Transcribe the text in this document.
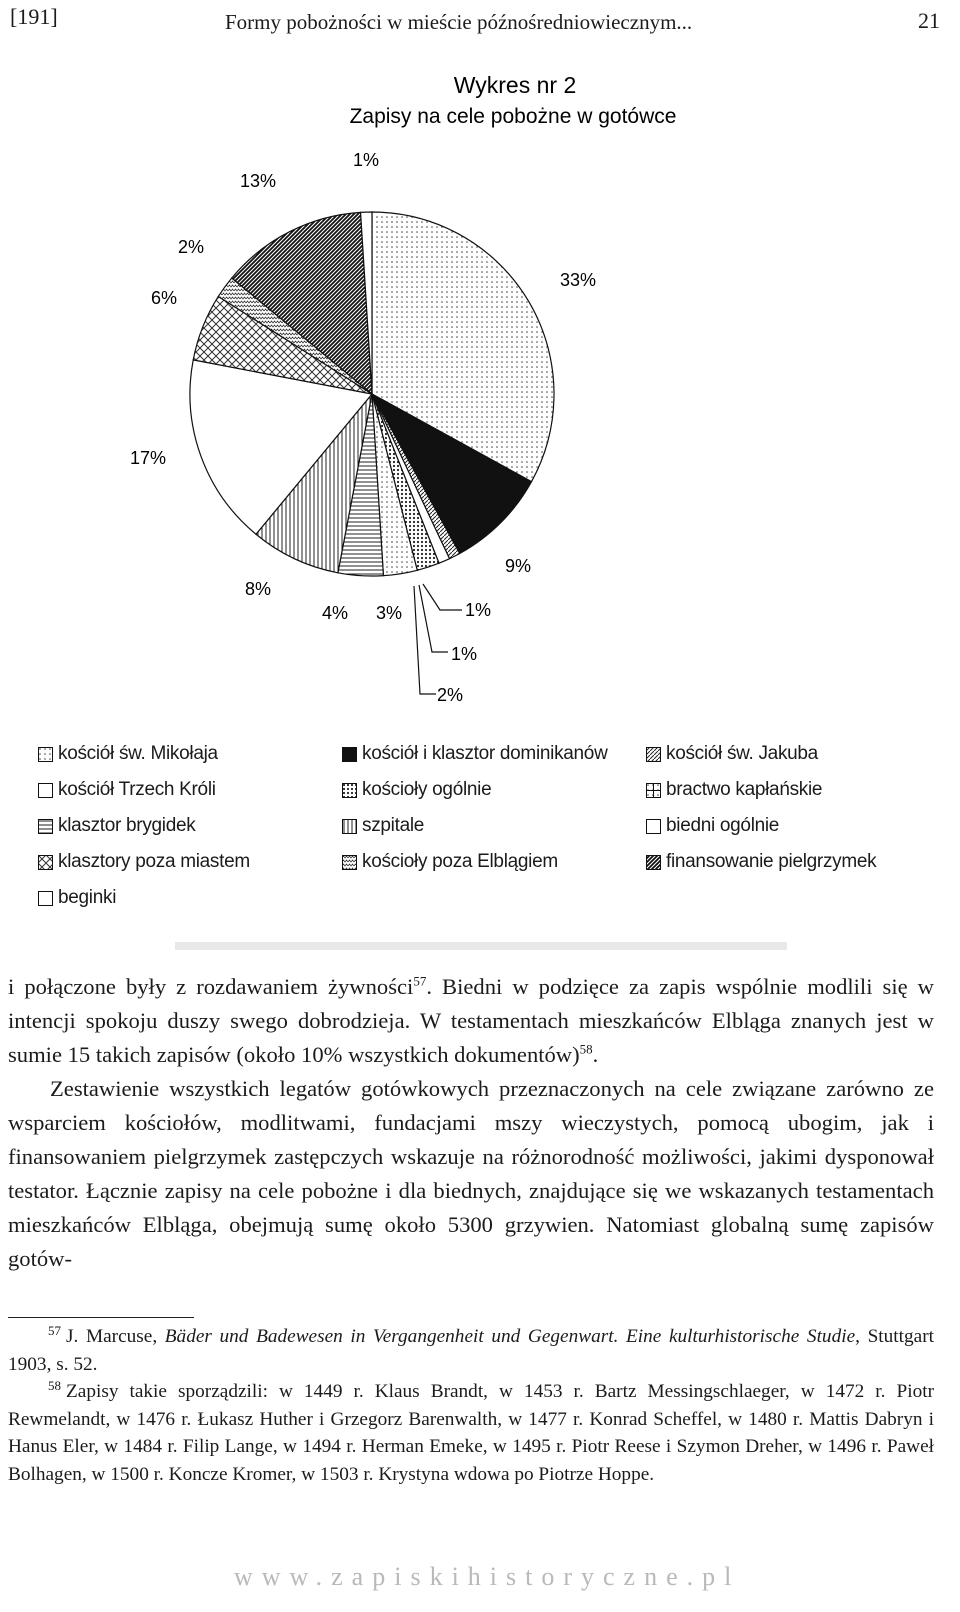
[191]	Formy pobożności w mieście późnośredniowiecznym...	21
Wykres nr 2
Zapisy na cele pobożne w gotówce
33%
9%
1%
1%
2%
3%
4%
8%
17%
6%
2%
13%
1%
kościół św. Mikołaja	kościół i klasztor dominikanów	kościół św. Jakuba
kościół Trzech Króli	kościoły ogólnie	bractwo kapłańskie
klasztor brygidek	szpitale	biedni ogólnie
klasztory poza miastem	kościoły poza Elblągiem	finansowanie pielgrzymek
beginki

i połączone były z rozdawaniem żywności$^{57}$. Biedni w podzięce za zapis wspólnie modlili się w intencji spokoju duszy swego dobrodzieja. W testamentach mieszkańców Elbląga znanych jest w sumie 15 takich zapisów (około 10% wszystkich dokumentów)$^{58}$.

Zestawienie wszystkich legatów gotówkowych przeznaczonych na cele związane zarówno ze wsparciem kościołów, modlitwami, fundacjami mszy wieczystych, pomocą ubogim, jak i finansowaniem pielgrzymek zastępczych wskazuje na różnorodność możliwości, jakimi dysponował testator. Łącznie zapisy na cele pobożne i dla biednych, znajdujące się we wskazanych testamentach mieszkańców Elbląga, obejmują sumę około 5300 grzywien. Natomiast globalną sumę zapisów gotów-

$^{57}$ J. Marcuse, Bäder und Badewesen in Vergangenheit und Gegenwart. Eine kulturhistorische Studie, Stuttgart 1903, s. 52.

$^{58}$ Zapisy takie sporządzili: w 1449 r. Klaus Brandt, w 1453 r. Bartz Messingschlaeger, w 1472 r. Piotr Rewmelandt, w 1476 r. Łukasz Huther i Grzegorz Barenwalth, w 1477 r. Konrad Scheffel, w 1480 r. Mattis Dabryn i Hanus Eler, w 1484 r. Filip Lange, w 1494 r. Herman Emeke, w 1495 r. Piotr Reese i Szymon Dreher, w 1496 r. Paweł Bolhagen, w 1500 r. Koncze Kromer, w 1503 r. Krystyna wdowa po Piotrze Hoppe.

www.zapiskihistoryczne.pl
